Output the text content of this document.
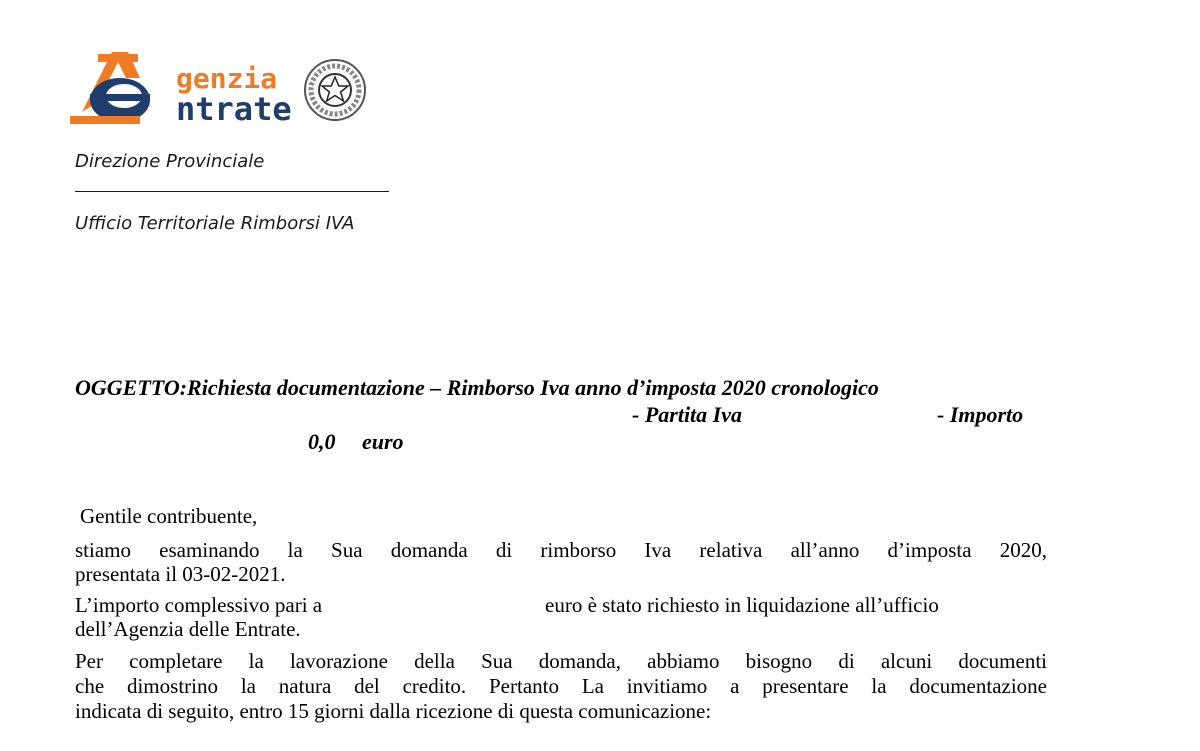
genzia
ntrate
Direzione Provinciale
Ufficio Territoriale Rimborsi IVA
OGGETTO:Richiesta documentazione – Rimborso Iva anno d’imposta 2020 cronologico
- Partita Iva	- Importo
0,0 euro
Gentile contribuente,
stiamo esaminando la Sua domanda di rimborso Iva relativa all’anno d’imposta 2020,
presentata il 03-02-2021.
L’importo complessivo pari a	euro è stato richiesto in liquidazione all’ufficio
dell’Agenzia delle Entrate.
Per completare la lavorazione della Sua domanda, abbiamo bisogno di alcuni documenti
che dimostrino la natura del credito. Pertanto La invitiamo a presentare la documentazione
indicata di seguito, entro 15 giorni dalla ricezione di questa comunicazione:
